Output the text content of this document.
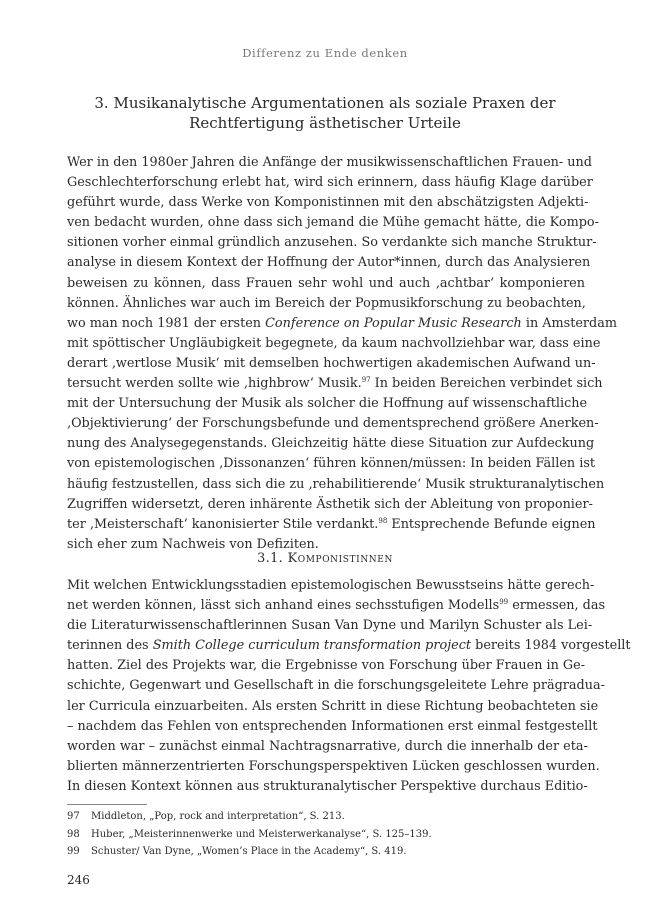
Differenz zu Ende denken
3. Musikanalytische Argumentationen als soziale Praxen der
Rechtfertigung ästhetischer Urteile
Wer in den 1980er Jahren die Anfänge der musikwissenschaftlichen Frauen- und
Geschlechterforschung erlebt hat, wird sich erinnern, dass häufig Klage darüber
geführt wurde, dass Werke von Komponistinnen mit den abschätzigsten Adjekti-
ven bedacht wurden, ohne dass sich jemand die Mühe gemacht hätte, die Kompo-
sitionen vorher einmal gründlich anzusehen. So verdankte sich manche Struktur-
analyse in diesem Kontext der Hoffnung der Autor*innen, durch das Analysieren
beweisen zu können, dass Frauen sehr wohl und auch ‚achtbar‘ komponieren
können. Ähnliches war auch im Bereich der Popmusikforschung zu beobachten,
wo man noch 1981 der ersten Conference on Popular Music Research in Amsterdam
mit spöttischer Ungläubigkeit begegnete, da kaum nachvollziehbar war, dass eine
derart ‚wertlose Musik‘ mit demselben hochwertigen akademischen Aufwand un-
tersucht werden sollte wie ‚highbrow‘ Musik.$^{97}$ In beiden Bereichen verbindet sich
mit der Untersuchung der Musik als solcher die Hoffnung auf wissenschaftliche
‚Objektivierung‘ der Forschungsbefunde und dementsprechend größere Anerken-
nung des Analysegegenstands. Gleichzeitig hätte diese Situation zur Aufdeckung
von epistemologischen ‚Dissonanzen‘ führen können/müssen: In beiden Fällen ist
häufig festzustellen, dass sich die zu ‚rehabilitierende‘ Musik strukturanalytischen
Zugriffen widersetzt, deren inhärente Ästhetik sich der Ableitung von proponier-
ter ‚Meisterschaft‘ kanonisierter Stile verdankt.$^{98}$ Entsprechende Befunde eignen
sich eher zum Nachweis von Defiziten.
3.1. Komponistinnen
Mit welchen Entwicklungsstadien epistemologischen Bewusstseins hätte gerech-
net werden können, lässt sich anhand eines sechsstufigen Modells$^{99}$ ermessen, das
die Literaturwissenschaftlerinnen Susan Van Dyne und Marilyn Schuster als Lei-
terinnen des Smith College curriculum transformation project bereits 1984 vorgestellt
hatten. Ziel des Projekts war, die Ergebnisse von Forschung über Frauen in Ge-
schichte, Gegenwart und Gesellschaft in die forschungsgeleitete Lehre prägradua-
ler Curricula einzuarbeiten. Als ersten Schritt in diese Richtung beobachteten sie
– nachdem das Fehlen von entsprechenden Informationen erst einmal festgestellt
worden war – zunächst einmal Nachtragsnarrative, durch die innerhalb der eta-
blierten männerzentrierten Forschungsperspektiven Lücken geschlossen wurden.
In diesen Kontext können aus strukturanalytischer Perspektive durchaus Editio-
97 Middleton, „Pop, rock and interpretation“, S. 213.
98 Huber, „Meisterinnenwerke und Meisterwerkanalyse“, S. 125–139.
99 Schuster/ Van Dyne, „Women’s Place in the Academy“, S. 419.
246
